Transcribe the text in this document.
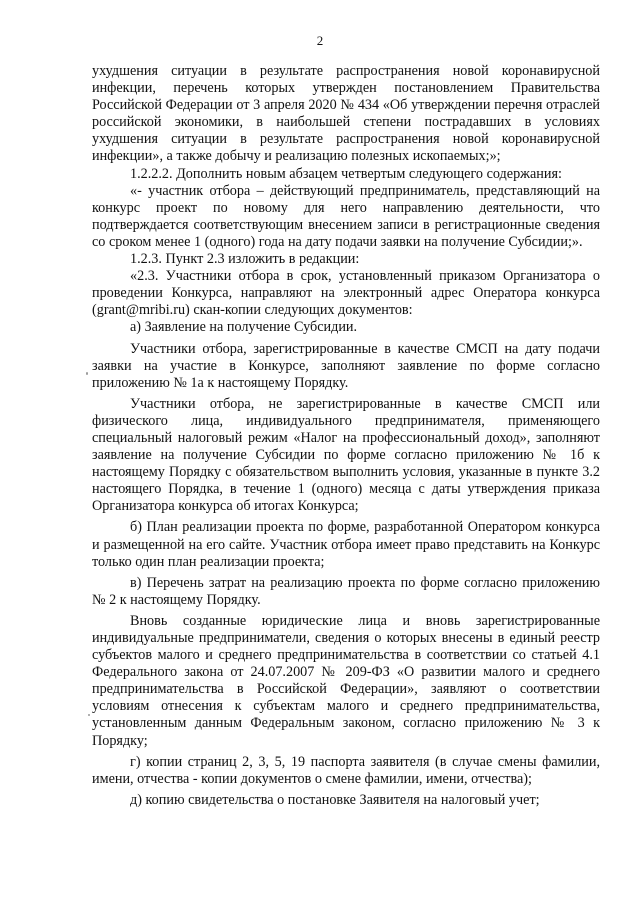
2

ухудшения ситуации в результате распространения новой коронавирусной инфекции, перечень которых утвержден постановлением Правительства Российской Федерации от 3 апреля 2020 № 434 «Об утверждении перечня отраслей российской экономики, в наибольшей степени пострадавших в условиях ухудшения ситуации в результате распространения новой коронавирусной инфекции», а также добычу и реализацию полезных ископаемых;»;

1.2.2.2. Дополнить новым абзацем четвертым следующего содержания:

«- участник отбора – действующий предприниматель, представляющий на конкурс проект по новому для него направлению деятельности, что подтверждается соответствующим внесением записи в регистрационные сведения со сроком менее 1 (одного) года на дату подачи заявки на получение Субсидии;».

1.2.3. Пункт 2.3 изложить в редакции:

«2.3. Участники отбора в срок, установленный приказом Организатора о проведении Конкурса, направляют на электронный адрес Оператора конкурса (grant@mribi.ru) скан-копии следующих документов:

а) Заявление на получение Субсидии.

Участники отбора, зарегистрированные в качестве СМСП на дату подачи заявки на участие в Конкурсе, заполняют заявление по форме согласно приложению № 1а к настоящему Порядку.

Участники отбора, не зарегистрированные в качестве СМСП или физического лица, индивидуального предпринимателя, применяющего специальный налоговый режим «Налог на профессиональный доход», заполняют заявление на получение Субсидии по форме согласно приложению № 1б к настоящему Порядку с обязательством выполнить условия, указанные в пункте 3.2 настоящего Порядка, в течение 1 (одного) месяца с даты утверждения приказа Организатора конкурса об итогах Конкурса;

б) План реализации проекта по форме, разработанной Оператором конкурса и размещенной на его сайте. Участник отбора имеет право представить на Конкурс только один план реализации проекта;

в) Перечень затрат на реализацию проекта по форме согласно приложению № 2 к настоящему Порядку.

Вновь созданные юридические лица и вновь зарегистрированные индивидуальные предприниматели, сведения о которых внесены в единый реестр субъектов малого и среднего предпринимательства в соответствии со статьей 4.1 Федерального закона от 24.07.2007 № 209-ФЗ «О развитии малого и среднего предпринимательства в Российской Федерации», заявляют о соответствии условиям отнесения к субъектам малого и среднего предпринимательства, установленным данным Федеральным законом, согласно приложению № 3 к Порядку;

г) копии страниц 2, 3, 5, 19 паспорта заявителя (в случае смены фамилии, имени, отчества - копии документов о смене фамилии, имени, отчества);

д) копию свидетельства о постановке Заявителя на налоговый учет;
